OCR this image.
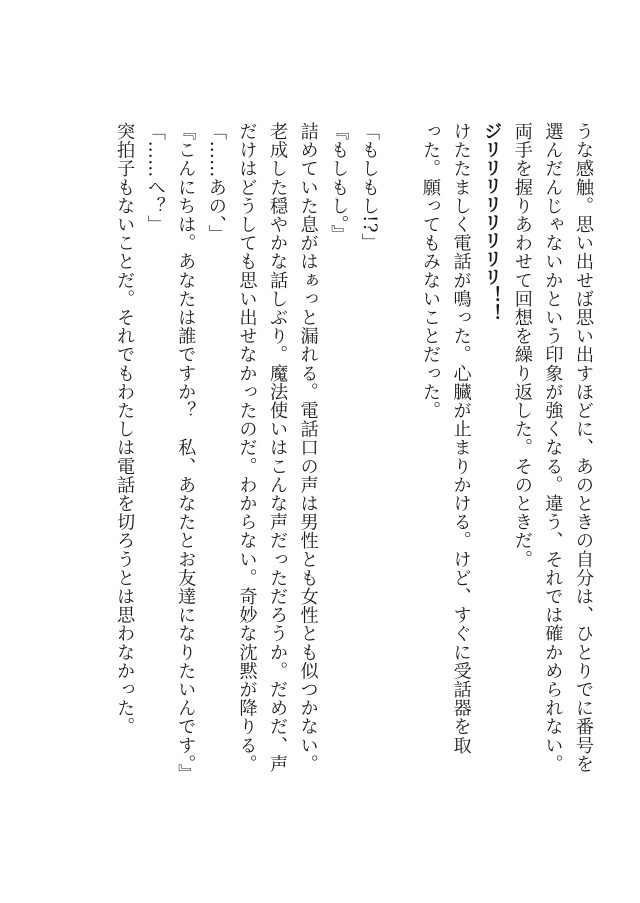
うな感触。思い出せば思い出すほどに、あのときの自分は、ひとりでに番号を
選んだんじゃないかという印象が強くなる。違う、それでは確かめられない。
両手を握りあわせて回想を繰り返した。そのときだ。
ジリリリリリリリリ！！
けたたましく電話が鳴った。心臓が止まりかける。けど、すぐに受話器を取
った。願ってもみないことだった。
「もしもし!?」
『もしもし。』
詰めていた息がはぁっと漏れる。電話口の声は男性とも女性とも似つかない。
老成した穏やかな話しぶり。魔法使いはこんな声だっただろうか。だめだ、声
だけはどうしても思い出せなかったのだ。わからない。奇妙な沈黙が降りる。
「……あの、」
『こんにちは。あなたは誰ですか？　私、あなたとお友達になりたいんです。』
「……へ？」
突拍子もないことだ。それでもわたしは電話を切ろうとは思わなかった。
